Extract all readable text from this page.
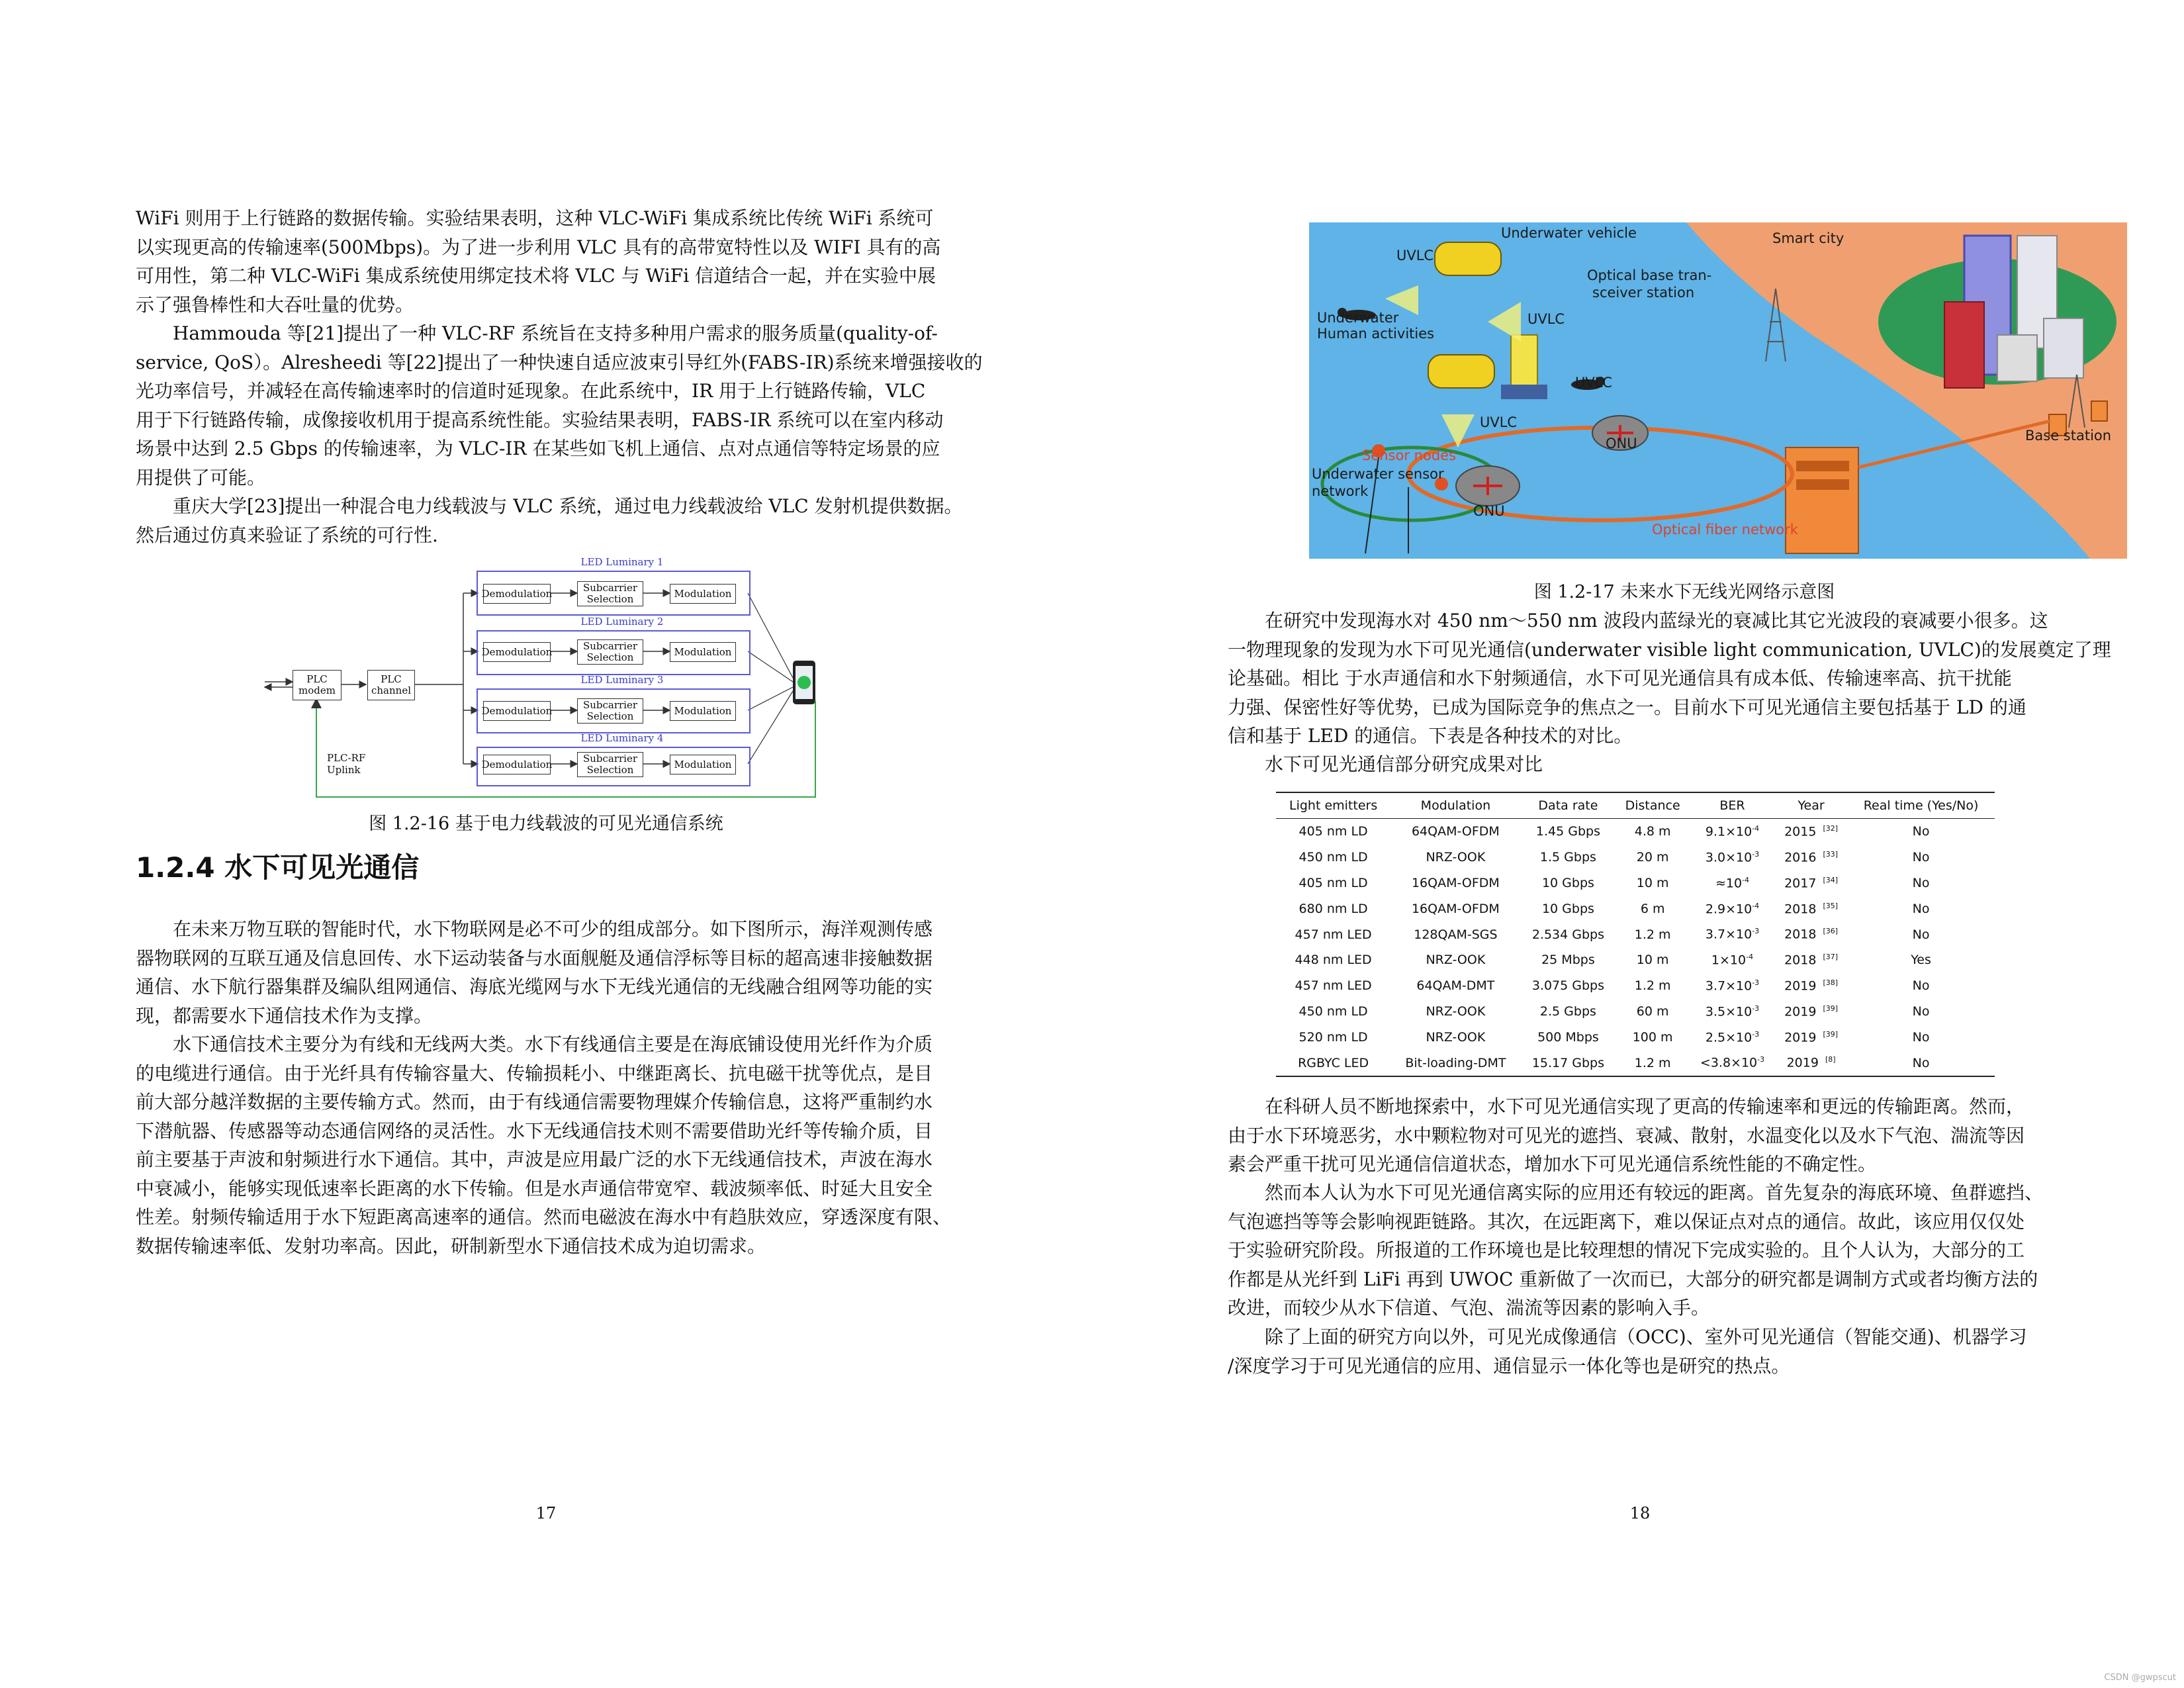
WiFi 则用于上行链路的数据传输。实验结果表明，这种 VLC-WiFi 集成系统比传统 WiFi 系统可
以实现更高的传输速率(500Mbps)。为了进一步利用 VLC 具有的高带宽特性以及 WIFI 具有的高
可用性，第二种 VLC-WiFi 集成系统使用绑定技术将 VLC 与 WiFi 信道结合一起，并在实验中展
示了强鲁棒性和大吞吐量的优势。
　　Hammouda 等[21]提出了一种 VLC-RF 系统旨在支持多种用户需求的服务质量(quality-of-
service, QoS）。Alresheedi 等[22]提出了一种快速自适应波束引导红外(FABS-IR)系统来增强接收的
光功率信号，并减轻在高传输速率时的信道时延现象。在此系统中，IR 用于上行链路传输，VLC
用于下行链路传输，成像接收机用于提高系统性能。实验结果表明，FABS-IR 系统可以在室内移动
场景中达到 2.5 Gbps 的传输速率，为 VLC-IR 在某些如飞机上通信、点对点通信等特定场景的应
用提供了可能。
　　重庆大学[23]提出一种混合电力线载波与 VLC 系统，通过电力线载波给 VLC 发射机提供数据。
然后通过仿真来验证了系统的可行性.
PLC modem
PLC channel
LED Luminary 1
Demodulation	Subcarrier Selection	Modulation
LED Luminary 2
Demodulation	Subcarrier Selection	Modulation
LED Luminary 3
Demodulation	Subcarrier Selection	Modulation
LED Luminary 4
Demodulation	Subcarrier Selection	Modulation
PLC-RF Uplink

图 1.2-16 基于电力线载波的可见光通信系统

1.2.4 水下可见光通信
　　在未来万物互联的智能时代，水下物联网是必不可少的组成部分。如下图所示，海洋观测传感
器物联网的互联互通及信息回传、水下运动装备与水面舰艇及通信浮标等目标的超高速非接触数据
通信、水下航行器集群及编队组网通信、海底光缆网与水下无线光通信的无线融合组网等功能的实
现，都需要水下通信技术作为支撑。
　　水下通信技术主要分为有线和无线两大类。水下有线通信主要是在海底铺设使用光纤作为介质
的电缆进行通信。由于光纤具有传输容量大、传输损耗小、中继距离长、抗电磁干扰等优点，是目
前大部分越洋数据的主要传输方式。然而，由于有线通信需要物理媒介传输信息，这将严重制约水
下潜航器、传感器等动态通信网络的灵活性。水下无线通信技术则不需要借助光纤等传输介质，目
前主要基于声波和射频进行水下通信。其中，声波是应用最广泛的水下无线通信技术，声波在海水
中衰减小，能够实现低速率长距离的水下传输。但是水声通信带宽窄、载波频率低、时延大且安全
性差。射频传输适用于水下短距离高速率的通信。然而电磁波在海水中有趋肤效应，穿透深度有限、
数据传输速率低、发射功率高。因此，研制新型水下通信技术成为迫切需求。
17
Underwater vehicle	Smart city
UVLC
Optical base tran-
sceiver station
Underwater
Human activities
UVLC
UVLC
UVLC
Sensor nodes
Underwater sensor
network
ONU
ONU
Base station
Optical fiber network

图 1.2-17 未来水下无线光网络示意图

　　在研究中发现海水对 450 nm～550 nm 波段内蓝绿光的衰减比其它光波段的衰减要小很多。这
一物理现象的发现为水下可见光通信(underwater visible light communication, UVLC)的发展奠定了理
论基础。相比 于水声通信和水下射频通信，水下可见光通信具有成本低、传输速率高、抗干扰能
力强、保密性好等优势，已成为国际竞争的焦点之一。目前水下可见光通信主要包括基于 LD 的通
信和基于 LED 的通信。下表是各种技术的对比。
　　水下可见光通信部分研究成果对比
Light emitters	Modulation	Data rate	Distance	BER	Year	Real time (Yes/No)
405 nm LD	64QAM-OFDM	1.45 Gbps	4.8 m	$9.1\times 10^{-4}$	2015 [32]	No
450 nm LD	NRZ-OOK	1.5 Gbps	20 m	$3.0\times 10^{-3}$	2016 [33]	No
405 nm LD	16QAM-OFDM	10 Gbps	10 m	$\approx 10^{-4}$	2017 [34]	No
680 nm LD	16QAM-OFDM	10 Gbps	6 m	$2.9\times 10^{-4}$	2018 [35]	No
457 nm LED	128QAM-SGS	2.534 Gbps	1.2 m	$3.7\times 10^{-3}$	2018 [36]	No
448 nm LED	NRZ-OOK	25 Mbps	10 m	$1\times 10^{-4}$	2018 [37]	Yes
457 nm LED	64QAM-DMT	3.075 Gbps	1.2 m	$3.7\times 10^{-3}$	2019 [38]	No
450 nm LD	NRZ-OOK	2.5 Gbps	60 m	$3.5\times 10^{-3}$	2019 [39]	No
520 nm LD	NRZ-OOK	500 Mbps	100 m	$2.5\times 10^{-3}$	2019 [39]	No
RGBYC LED	Bit-loading-DMT	15.17 Gbps	1.2 m	$<3.8\times 10^{-3}$	2019 [8]	No
　　在科研人员不断地探索中，水下可见光通信实现了更高的传输速率和更远的传输距离。然而，
由于水下环境恶劣，水中颗粒物对可见光的遮挡、衰减、散射，水温变化以及水下气泡、湍流等因
素会严重干扰可见光通信信道状态，增加水下可见光通信系统性能的不确定性。
　　然而本人认为水下可见光通信离实际的应用还有较远的距离。首先复杂的海底环境、鱼群遮挡、
气泡遮挡等等会影响视距链路。其次，在远距离下，难以保证点对点的通信。故此，该应用仅仅处
于实验研究阶段。所报道的工作环境也是比较理想的情况下完成实验的。且个人认为，大部分的工
作都是从光纤到 LiFi 再到 UWOC 重新做了一次而已，大部分的研究都是调制方式或者均衡方法的
改进，而较少从水下信道、气泡、湍流等因素的影响入手。
　　除了上面的研究方向以外，可见光成像通信（OCC)、室外可见光通信（智能交通)、机器学习
/深度学习于可见光通信的应用、通信显示一体化等也是研究的热点。
18
CSDN @gwpscut
